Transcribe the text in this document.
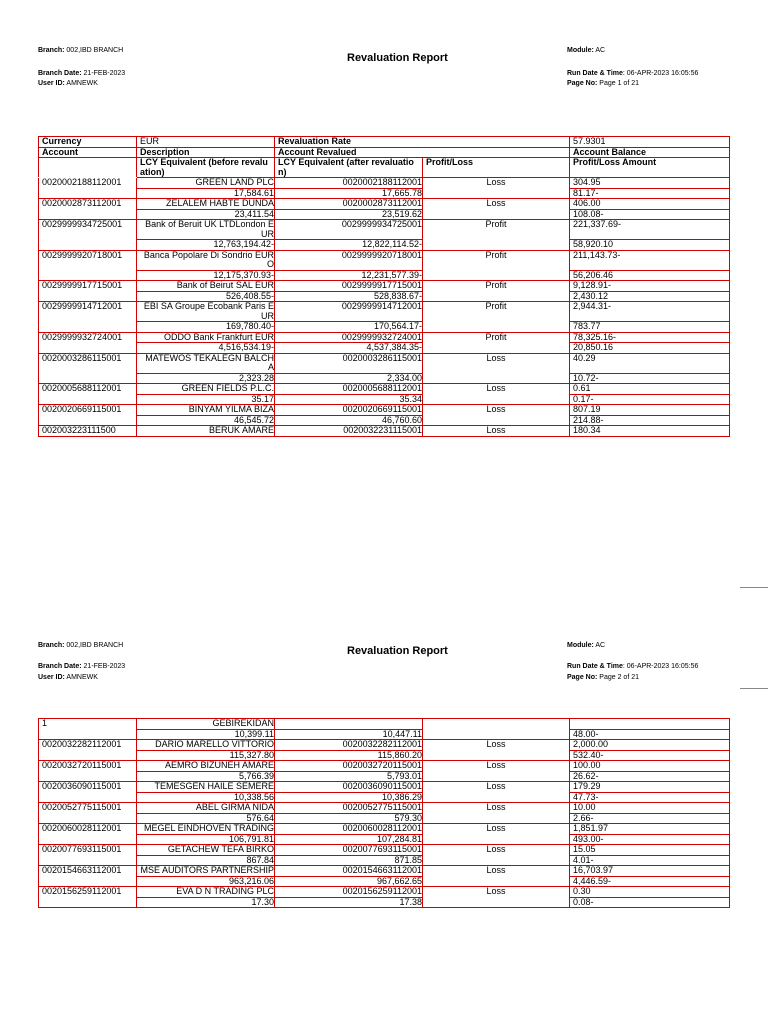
Branch: 002,IBD BRANCH
Revaluation Report
Module: AC
Branch Date: 21-FEB-2023	Run Date & Time: 06-APR-2023 16:05:56
User ID: AMNEWK	Page No: Page 1 of 21
Currency	EUR	Revaluation Rate		57.9301
Account	Description	Account Revalued		Account Balance
	LCY Equivalent (before revaluation)	LCY Equivalent (after revaluation)	Profit/Loss	Profit/Loss Amount
0020002188112001	GREEN LAND PLC	0020002188112001	Loss	304.95
	17,584.61	17,665.78		81.17-
0020002873112001	ZELALEM HABTE DUNDA	0020002873112001	Loss	406.00
	23,411.54	23,519.62		108.08-
0029999934725001	Bank of Beruit UK LTDLondon EUR	0029999934725001	Profit	221,337.69-
	12,763,194.42-	12,822,114.52-		58,920.10
0029999920718001	Banca Popolare Di Sondrio EURO	0029999920718001	Profit	211,143.73-
	12,175,370.93-	12,231,577.39-		56,206.46
0029999917715001	Bank of Beirut SAL EUR	0029999917715001	Profit	9,128.91-
	526,408.55-	528,838.67-		2,430.12
0029999914712001	EBI SA Groupe Ecobank Paris EUR	0029999914712001	Profit	2,944.31-
	169,780.40-	170,564.17-		783.77
0029999932724001	ODDO Bank Frankfurt EUR	0029999932724001	Profit	78,325.16-
	4,516,534.19-	4,537,384.35-		20,850.16
0020003286115001	MATEWOS TEKALEGN BALCHA	0020003286115001	Loss	40.29
	2,323.28	2,334.00		10.72-
0020005688112001	GREEN FIELDS P.L.C.	0020005688112001	Loss	0.61
	35.17	35.34		0.17-
0020020669115001	BINYAM YILMA BIZA	0020020669115001	Loss	807.19
	46,545.72	46,760.60		214.88-
002003223111500	BERUK AMARE	0020032231115001	Loss	180.34
Branch: 002,IBD BRANCH	Revaluation Report	Module: AC
Branch Date: 21-FEB-2023	Run Date & Time: 06-APR-2023 16:05:56
User ID: AMNEWK	Page No: Page 2 of 21
1	GEBIREKIDAN			
	10,399.11	10,447.11		48.00-
0020032282112001	DARIO MARELLO VITTORIO	0020032282112001	Loss	2,000.00
	115,327.80	115,860.20		532.40-
0020032720115001	AEMRO BIZUNEH AMARE	0020032720115001	Loss	100.00
	5,766.39	5,793.01		26.62-
0020036090115001	TEMESGEN HAILE SEMERE	0020036090115001	Loss	179.29
	10,338.56	10,386.29		47.73-
0020052775115001	ABEL GIRMA NIDA	0020052775115001	Loss	10.00
	576.64	579.30		2.66-
0020060028112001	MEGEL EINDHOVEN TRADING	0020060028112001	Loss	1,851.97
	106,791.81	107,284.81		493.00-
0020077693115001	GETACHEW TEFA BIRKO	0020077693115001	Loss	15.05
	867.84	871.85		4.01-
0020154663112001	MSE AUDITORS PARTNERSHIP	0020154663112001	Loss	16,703.97
	963,216.06	967,662.65		4,446.59-
0020156259112001	EVA D N TRADING PLC	0020156259112001	Loss	0.30
	17.30	17.38		0.08-
